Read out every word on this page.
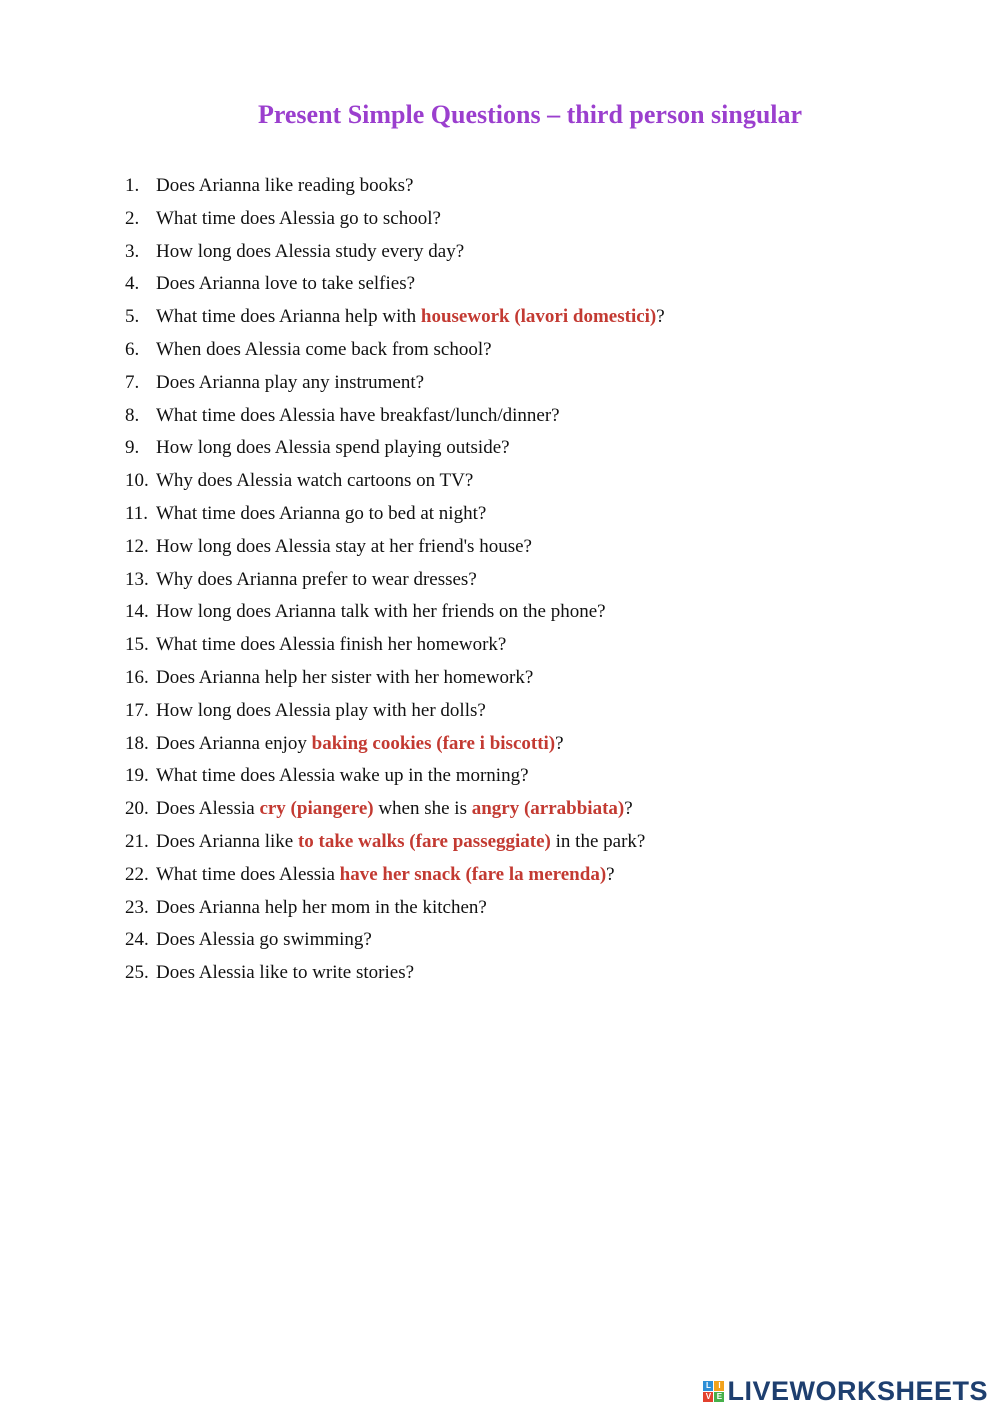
Present Simple Questions – third person singular
1. Does Arianna like reading books?
2. What time does Alessia go to school?
3. How long does Alessia study every day?
4. Does Arianna love to take selfies?
5. What time does Arianna help with housework (lavori domestici)?
6. When does Alessia come back from school?
7. Does Arianna play any instrument?
8. What time does Alessia have breakfast/lunch/dinner?
9. How long does Alessia spend playing outside?
10. Why does Alessia watch cartoons on TV?
11. What time does Arianna go to bed at night?
12. How long does Alessia stay at her friend's house?
13. Why does Arianna prefer to wear dresses?
14. How long does Arianna talk with her friends on the phone?
15. What time does Alessia finish her homework?
16. Does Arianna help her sister with her homework?
17. How long does Alessia play with her dolls?
18. Does Arianna enjoy baking cookies (fare i biscotti)?
19. What time does Alessia wake up in the morning?
20. Does Alessia cry (piangere) when she is angry (arrabbiata)?
21. Does Arianna like to take walks (fare passeggiate) in the park?
22. What time does Alessia have her snack (fare la merenda)?
23. Does Arianna help her mom in the kitchen?
24. Does Alessia go swimming?
25. Does Alessia like to write stories?
L I
V E LIVEWORKSHEETS
